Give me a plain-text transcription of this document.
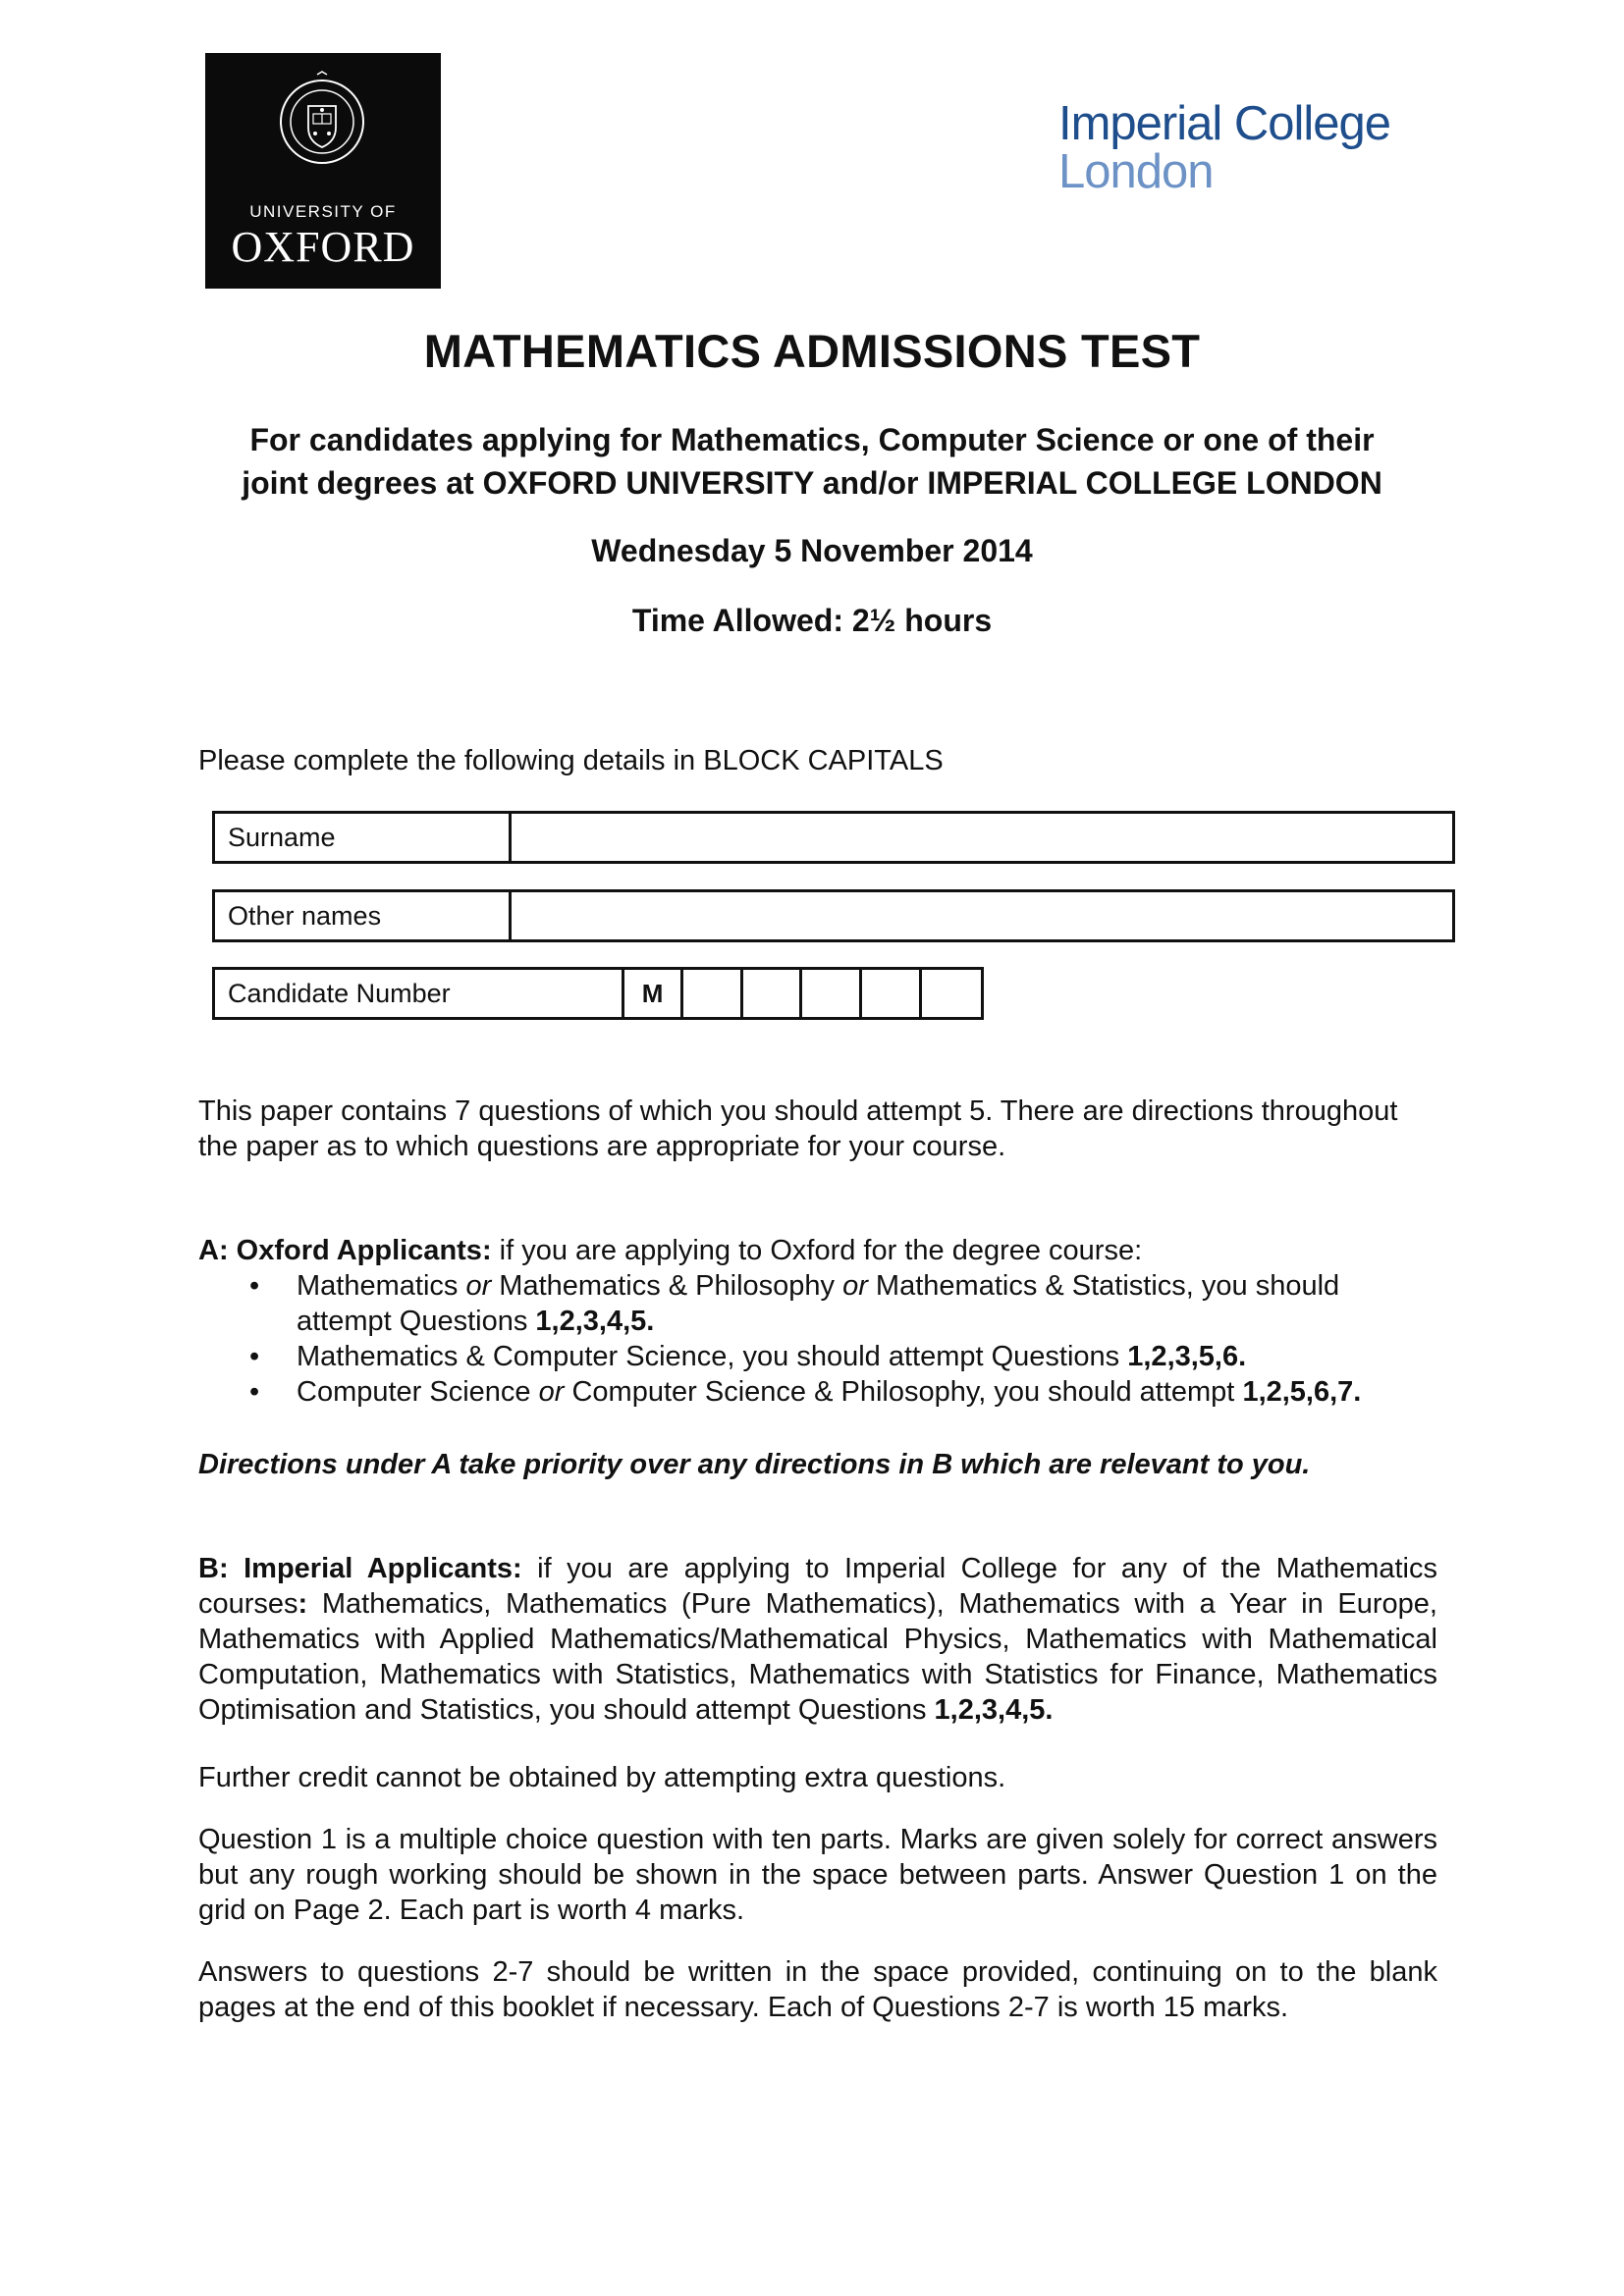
UNIVERSITY OF
OXFORD
Imperial College
London
MATHEMATICS ADMISSIONS TEST
For candidates applying for Mathematics, Computer Science or one of their
joint degrees at OXFORD UNIVERSITY and/or IMPERIAL COLLEGE LONDON
Wednesday 5 November 2014
Time Allowed: 2½ hours
Please complete the following details in BLOCK CAPITALS
Surname
Other names
Candidate Number	M
This paper contains 7 questions of which you should attempt 5. There are directions throughout the paper as to which questions are appropriate for your course.
A: Oxford Applicants: if you are applying to Oxford for the degree course:
• Mathematics or Mathematics & Philosophy or Mathematics & Statistics, you should attempt Questions 1,2,3,4,5.
• Mathematics & Computer Science, you should attempt Questions 1,2,3,5,6.
• Computer Science or Computer Science & Philosophy, you should attempt 1,2,5,6,7.
Directions under A take priority over any directions in B which are relevant to you.
B: Imperial Applicants: if you are applying to Imperial College for any of the Mathematics courses: Mathematics, Mathematics (Pure Mathematics), Mathematics with a Year in Europe, Mathematics with Applied Mathematics/Mathematical Physics, Mathematics with Mathematical Computation, Mathematics with Statistics, Mathematics with Statistics for Finance, Mathematics Optimisation and Statistics, you should attempt Questions 1,2,3,4,5.
Further credit cannot be obtained by attempting extra questions.
Question 1 is a multiple choice question with ten parts. Marks are given solely for correct answers but any rough working should be shown in the space between parts. Answer Question 1 on the grid on Page 2. Each part is worth 4 marks.
Answers to questions 2-7 should be written in the space provided, continuing on to the blank pages at the end of this booklet if necessary. Each of Questions 2-7 is worth 15 marks.
